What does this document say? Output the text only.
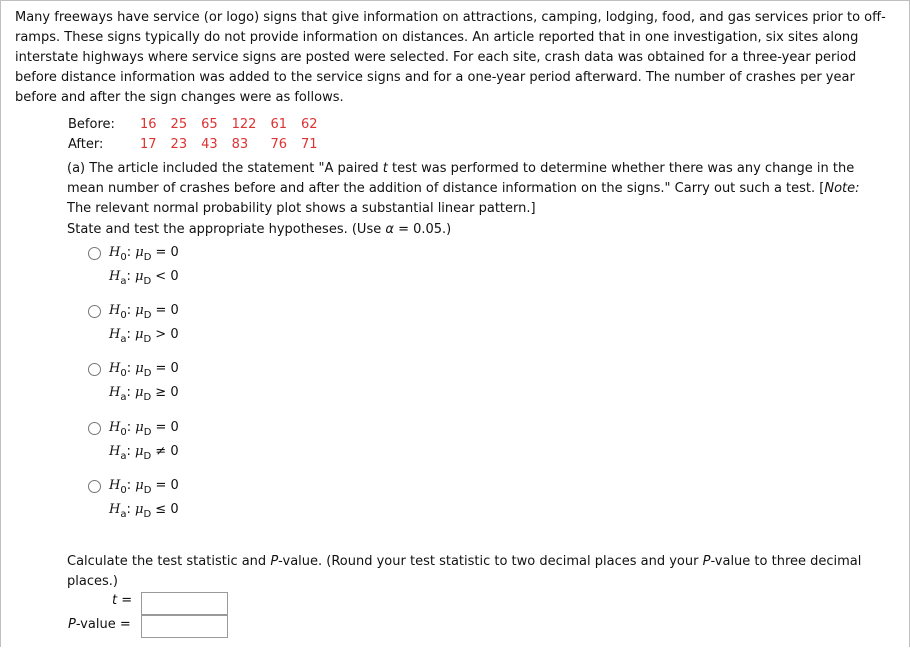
Many freeways have service (or logo) signs that give information on attractions, camping, lodging, food, and gas services prior to off-ramps. These signs typically do not provide information on distances. An article reported that in one investigation, six sites along interstate highways where service signs are posted were selected. For each site, crash data was obtained for a three-year period before distance information was added to the service signs and for a one-year period afterward. The number of crashes per year before and after the sign changes were as follows.
Before:	16	25	65	122	61	62
After:	17	23	43	83	76	71
(a) The article included the statement "A paired t test was performed to determine whether there was any change in the mean number of crashes before and after the addition of distance information on the signs." Carry out such a test. [Note: The relevant normal probability plot shows a substantial linear pattern.]
State and test the appropriate hypotheses. (Use α = 0.05.)
$H_0$: $\mu_D = 0$
$H_a$: $\mu_D < 0$
$H_0$: $\mu_D = 0$
$H_a$: $\mu_D > 0$
$H_0$: $\mu_D = 0$
$H_a$: $\mu_D \ge 0$
$H_0$: $\mu_D = 0$
$H_a$: $\mu_D \ne 0$
$H_0$: $\mu_D = 0$
$H_a$: $\mu_D \le 0$
Calculate the test statistic and P-value. (Round your test statistic to two decimal places and your P-value to three decimal places.)
t =
P-value =
